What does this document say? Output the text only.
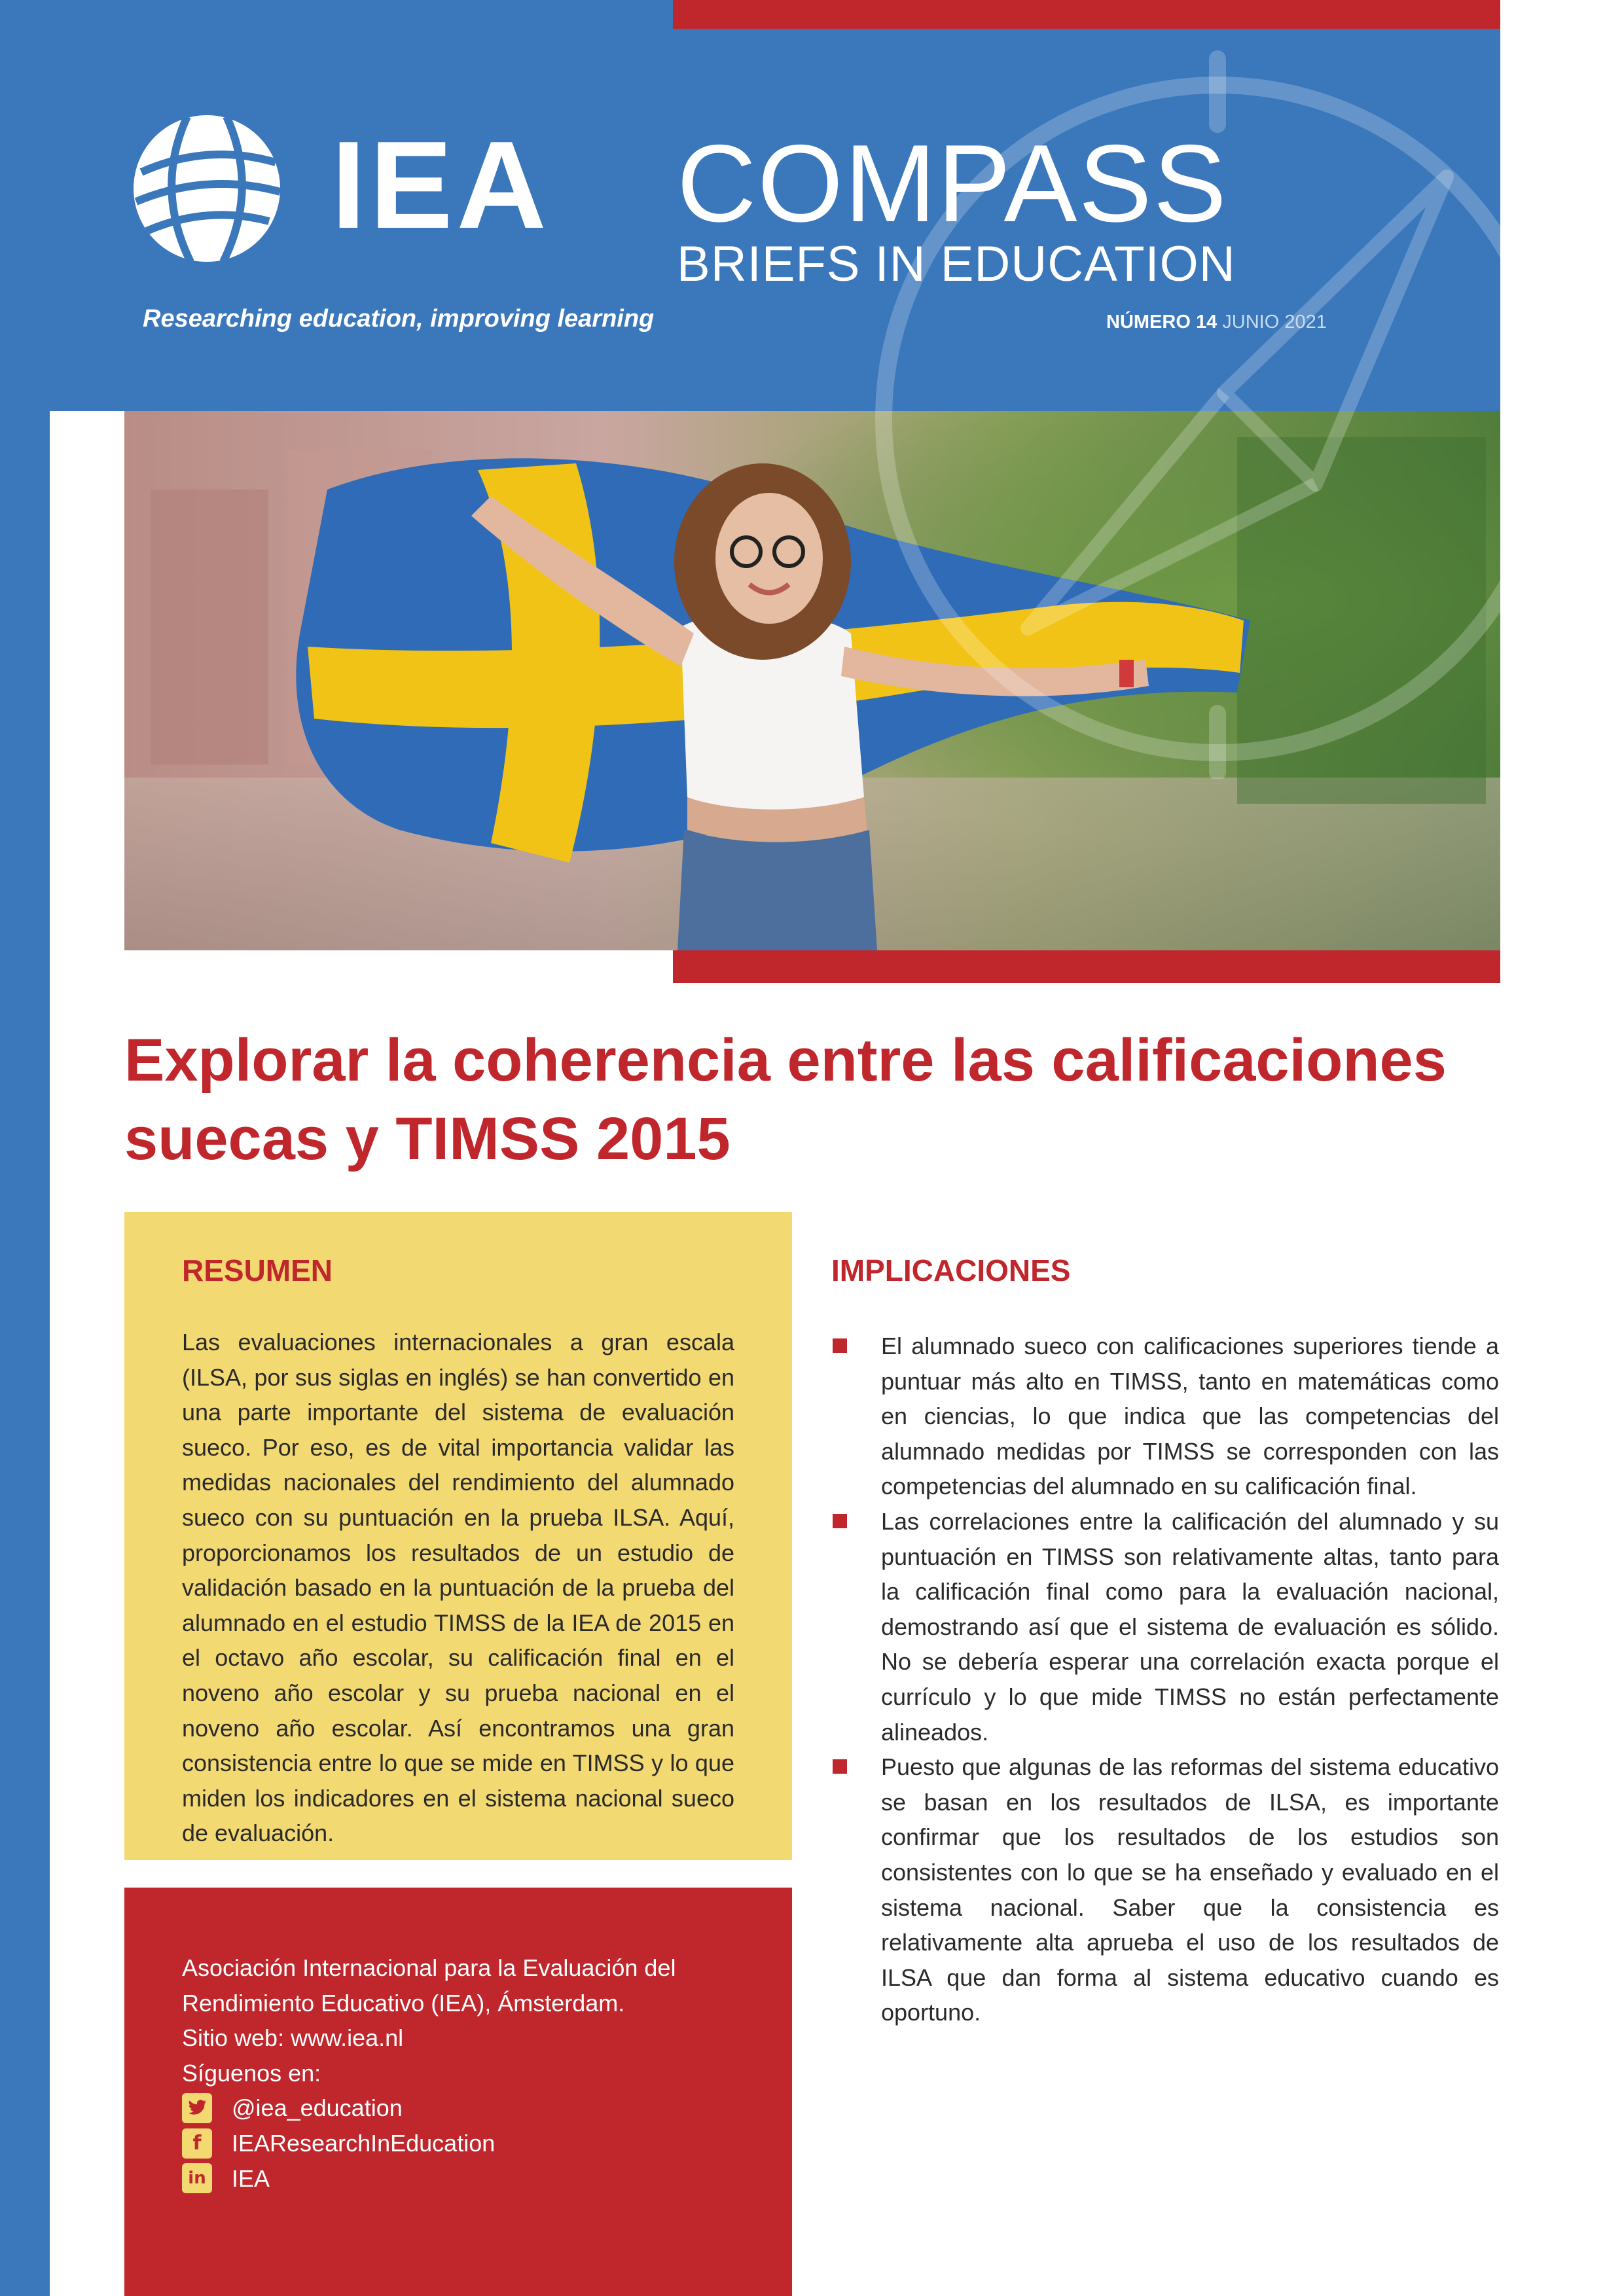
IEA
Researching education, improving learning
COMPASS
BRIEFS IN EDUCATION
NÚMERO 14 JUNIO 2021
Explorar la coherencia entre las calificaciones
suecas y TIMSS 2015
RESUMEN

Las evaluaciones internacionales a gran escala (ILSA, por sus siglas en inglés) se han convertido en una parte importante del sistema de evaluación sueco. Por eso, es de vital importancia validar las medidas nacionales del rendimiento del alumnado sueco con su puntuación en la prueba ILSA. Aquí, proporcionamos los resultados de un estudio de validación basado en la puntuación de la prueba del alumnado en el estudio TIMSS de la IEA de 2015 en el octavo año escolar, su calificación final en el noveno año escolar y su prueba nacional en el noveno año escolar. Así encontramos una gran consistencia entre lo que se mide en TIMSS y lo que miden los indicadores en el sistema nacional sueco de evaluación.

Asociación Internacional para la Evaluación del
Rendimiento Educativo (IEA), Ámsterdam.
Sitio web: www.iea.nl
Síguenos en:
@iea_education
f	IEAResearchInEducation
in IEA
IMPLICACIONES
El alumnado sueco con calificaciones superiores tiende a puntuar más alto en TIMSS, tanto en matemáticas como en ciencias, lo que indica que las competencias del alumnado medidas por TIMSS se corresponden con las competencias del alumnado en su calificación final.
Las correlaciones entre la calificación del alumnado y su puntuación en TIMSS son relativamente altas, tanto para la calificación final como para la evaluación nacional, demostrando así que el sistema de evaluación es sólido. No se debería esperar una correlación exacta porque el currículo y lo que mide TIMSS no están perfectamente alineados.
Puesto que algunas de las reformas del sistema educativo se basan en los resultados de ILSA, es importante confirmar que los resultados de los estudios son consistentes con lo que se ha enseñado y evaluado en el sistema nacional. Saber que la consistencia es relativamente alta aprueba el uso de los resultados de ILSA que dan forma al sistema educativo cuando es oportuno.
